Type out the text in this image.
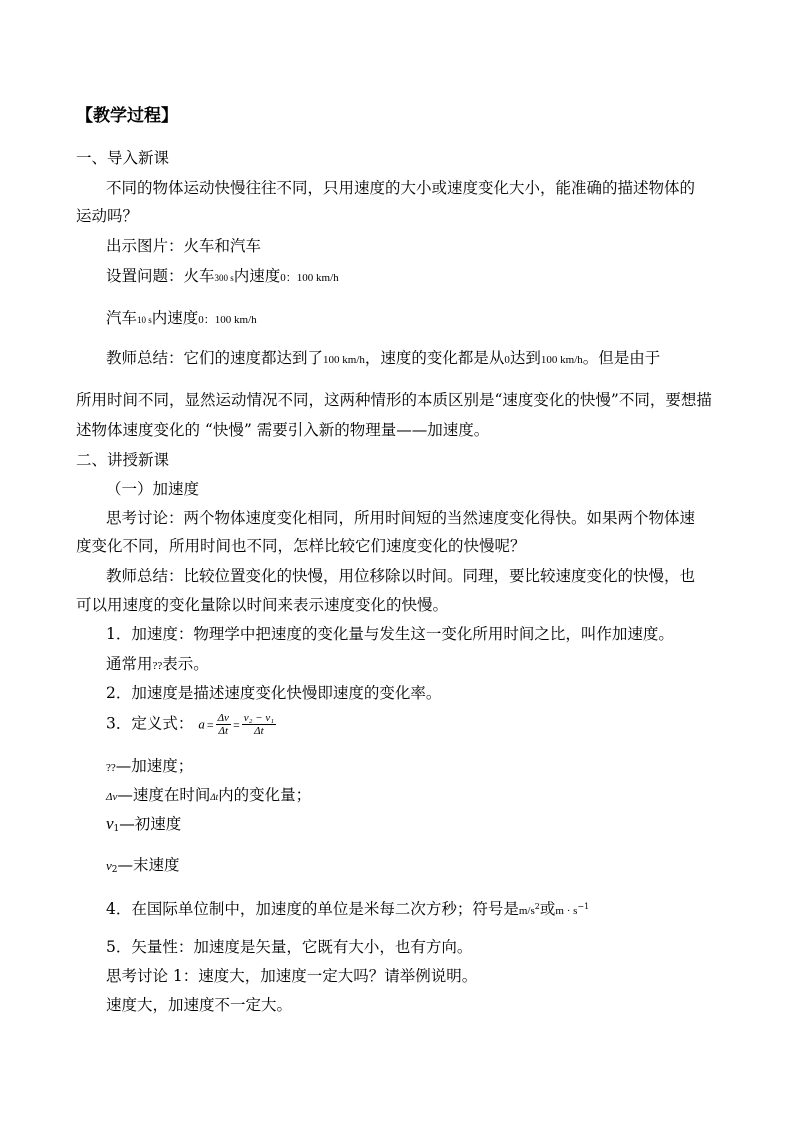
【教学过程】
一、导入新课
不同的物体运动快慢往往不同，只用速度的大小或速度变化大小，能准确的描述物体的
运动吗？
出示图片：火车和汽车
设置问题：火车300 s内速度0：100 km/h
汽车10 s内速度0：100 km/h
教师总结：它们的速度都达到了100 km/h，速度的变化都是从0达到100 km/h。但是由于
所用时间不同，显然运动情况不同，这两种情形的本质区别是“速度变化的快慢”不同，要想描
述物体速度变化的 “快慢” 需要引入新的物理量——加速度。
二、讲授新课
（一）加速度
思考讨论：两个物体速度变化相同，所用时间短的当然速度变化得快。如果两个物体速
度变化不同，所用时间也不同，怎样比较它们速度变化的快慢呢？
教师总结：比较位置变化的快慢，用位移除以时间。同理，要比较速度变化的快慢，也
可以用速度的变化量除以时间来表示速度变化的快慢。
1．加速度：物理学中把速度的变化量与发生这一变化所用时间之比，叫作加速度。
通常用??表示。
2．加速度是描述速度变化快慢即速度的变化率。
3．定义式： $a = \frac{\Delta v}{\Delta t} = \frac{\text{v₂ − v₁}}{\Delta t}$
??—加速度；
Δv—速度在时间Δt内的变化量；
$v_1—$初速度
$v_2—$末速度
4．在国际单位制中，加速度的单位是米每二次方秒；符号是$m/s^2$或$m \cdot s^{-1}$
5．矢量性：加速度是矢量，它既有大小，也有方向。
思考讨论 1：速度大，加速度一定大吗？请举例说明。
速度大，加速度不一定大。
